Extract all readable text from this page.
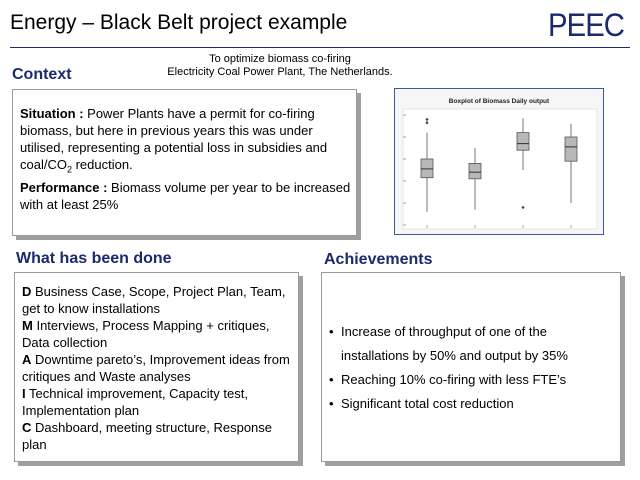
Energy – Black Belt project example	PEEC
To optimize biomass co-firing
Electricity Coal Power Plant, The Netherlands.
Context
Situation : Power Plants have a permit for co-firing biomass, but here in previous years this was under utilised, representing a potential loss in subsidies and coal/$CO_2$ reduction.
Performance : Biomass volume per year to be increased with at least 25%
Boxplot of Biomass Daily output
What has been done
D Business Case, Scope, Project Plan, Team, get to know installations
M Interviews, Process Mapping + critiques, Data collection
A Downtime pareto’s, Improvement ideas from critiques and Waste analyses
I Technical improvement, Capacity test, Implementation plan
C Dashboard, meeting structure, Response plan
Achievements
• Increase of throughput of one of the installations by 50% and output by 35%
• Reaching 10% co-firing with less FTE’s
• Significant total cost reduction
